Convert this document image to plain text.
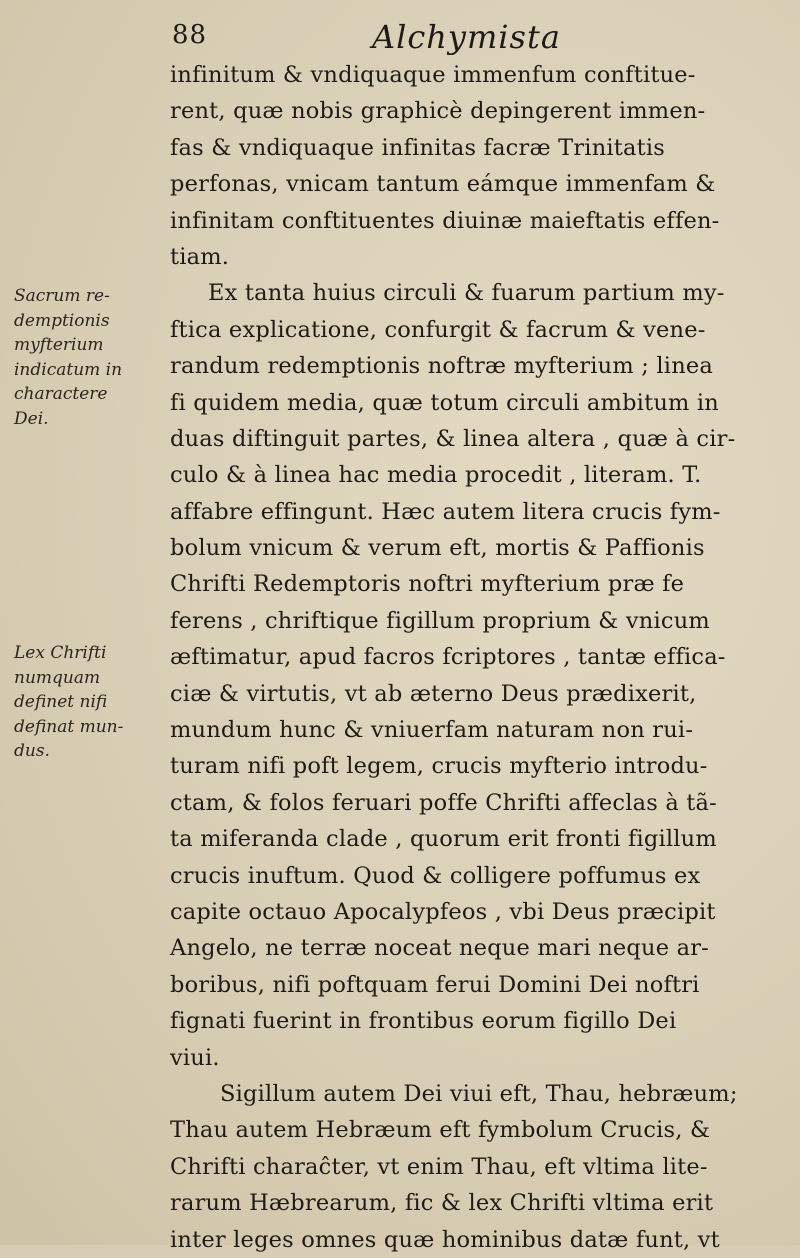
88	Alchymista
infinitum & vndiquaque immenfum conftitue-
rent, quæ nobis graphicè depingerent immen-
fas & vndiquaque infinitas facræ Trinitatis
perfonas, vnicam tantum eámque immenfam &
infinitam conftituentes diuinæ maieftatis effen-
tiam.
Ex tanta huius circuli & fuarum partium my-
ftica explicatione, confurgit & facrum & vene-
randum redemptionis noftræ myfterium ; linea
fi quidem media, quæ totum circuli ambitum in
duas diftinguit partes, & linea altera , quæ à cir-
culo & à linea hac media procedit , literam. T.
affabre effingunt. Hæc autem litera crucis fym-
bolum vnicum & verum eft, mortis & Paffionis
Chrifti Redemptoris noftri myfterium præ fe
ferens , chriftique figillum proprium & vnicum
æftimatur, apud facros fcriptores , tantæ effica-
ciæ & virtutis, vt ab æterno Deus prædixerit,
mundum hunc & vniuerfam naturam non rui-
turam nifi poft legem, crucis myfterio introdu-
ctam, & folos feruari poffe Chrifti affeclas à tã-
ta miferanda clade , quorum erit fronti figillum
crucis inuftum. Quod & colligere poffumus ex
capite octauo Apocalypfeos , vbi Deus præcipit
Angelo, ne terræ noceat neque mari neque ar-
boribus, nifi poftquam ferui Domini Dei noftri
fignati fuerint in frontibus eorum figillo Dei
viui.
Sigillum autem Dei viui eft, Thau, hebræum;
Thau autem Hebræum eft fymbolum Crucis, &
Chrifti charaĉter, vt enim Thau, eft vltima lite-
rarum Hæbrearum, fic & lex Chrifti vltima erit
inter leges omnes quæ hominibus datæ funt, vt
Sacrum re-
demptionis
myfterium
indicatum in
charactere
Dei.
Lex Chrifti
numquam
definet nifi
definat mun-
dus.
